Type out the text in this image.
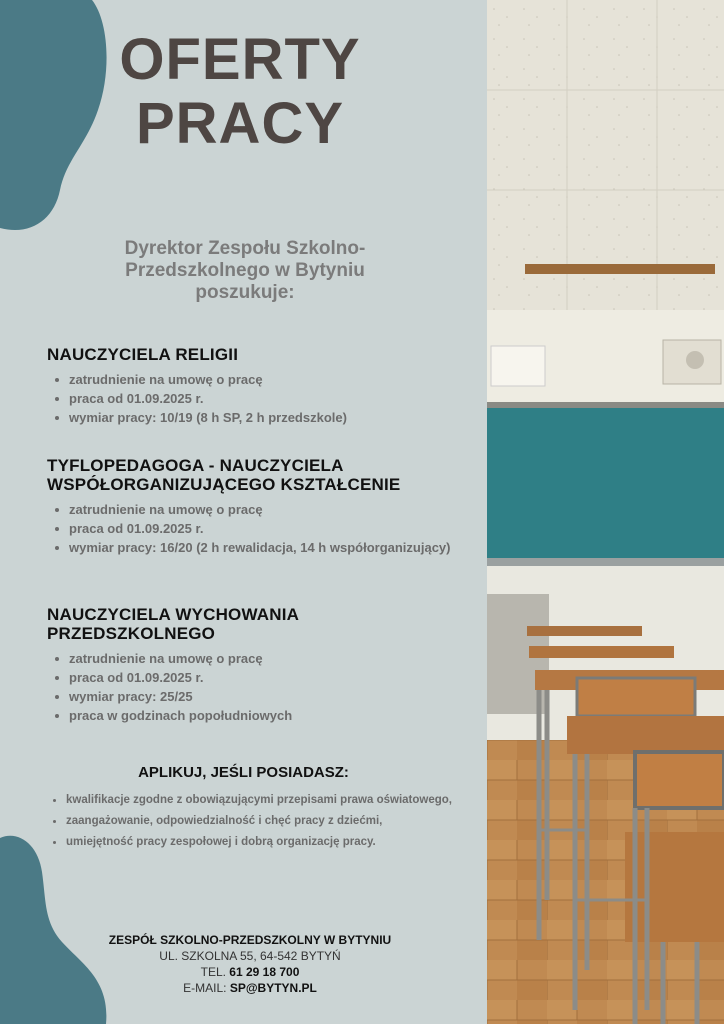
OFERTY
PRACY
Dyrektor Zespołu Szkolno-Przedszkolnego w Bytyniu poszukuje:
NAUCZYCIELA RELIGII
zatrudnienie na umowę o pracę
praca od 01.09.2025 r.
wymiar pracy: 10/19 (8 h SP, 2 h przedszkole)
TYFLOPEDAGOGA - NAUCZYCIELA WSPÓŁORGANIZUJĄCEGO KSZTAŁCENIE
zatrudnienie na umowę o pracę
praca od 01.09.2025 r.
wymiar pracy: 16/20 (2 h rewalidacja, 14 h współorganizujący)
NAUCZYCIELA WYCHOWANIA PRZEDSZKOLNEGO
zatrudnienie na umowę o pracę
praca od 01.09.2025 r.
wymiar pracy: 25/25
praca w godzinach popołudniowych
APLIKUJ, JEŚLI POSIADASZ:
kwalifikacje zgodne z obowiązującymi przepisami prawa oświatowego,
zaangażowanie, odpowiedzialność i chęć pracy z dziećmi,
umiejętność pracy zespołowej i dobrą organizację pracy.
ZESPÓŁ SZKOLNO-PRZEDSZKOLNY W BYTYNIU
UL. SZKOLNA 55, 64-542 BYTYŃ
TEL. 61 29 18 700
E-MAIL: SP@BYTYN.PL
